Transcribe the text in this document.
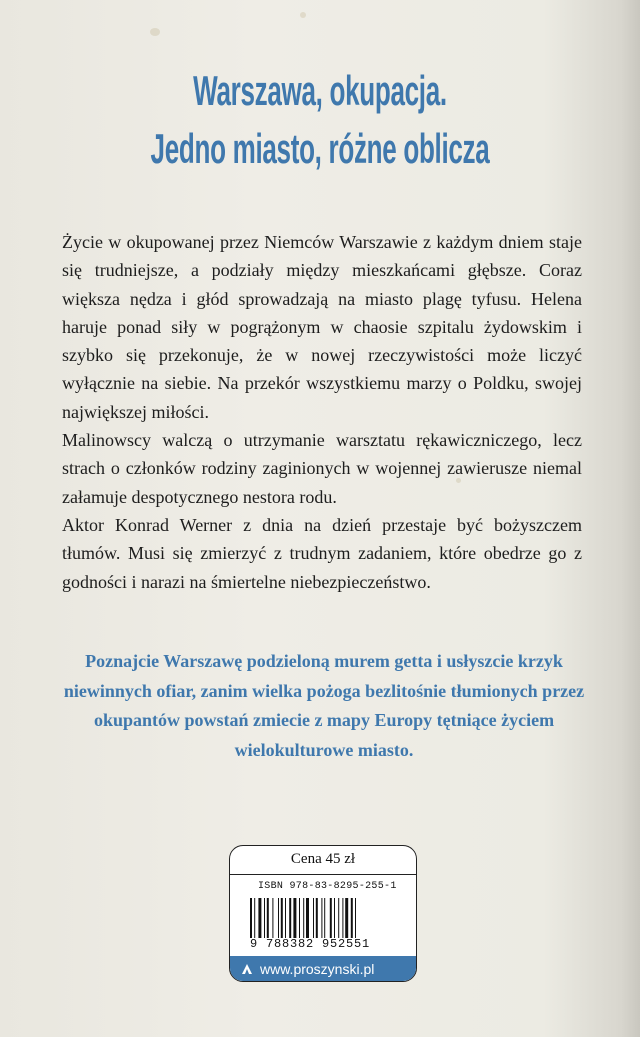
Warszawa, okupacja.
Jedno miasto, różne oblicza

Życie w okupowanej przez Niemców Warszawie z każdym dniem staje się trudniejsze, a podziały między mieszkańcami głębsze. Coraz większa nędza i głód sprowadzają na miasto plagę tyfusu. Helena haruje ponad siły w pogrążonym w chaosie szpitalu żydowskim i szybko się przekonuje, że w nowej rzeczywistości może liczyć wyłącznie na siebie. Na przekór wszystkiemu marzy o Poldku, swojej największej miłości.

Malinowscy walczą o utrzymanie warsztatu rękawiczniczego, lecz strach o członków rodziny zaginionych w wojennej zawierusze niemal załamuje despotycznego nestora rodu.

Aktor Konrad Werner z dnia na dzień przestaje być bożyszczem tłumów. Musi się zmierzyć z trudnym zadaniem, które obedrze go z godności i narazi na śmiertelne niebezpieczeństwo.

Poznajcie Warszawę podzieloną murem getta i usłyszcie krzyk niewinnych ofiar, zanim wielka pożoga bezlitośnie tłumionych przez okupantów powstań zmiecie z mapy Europy tętniące życiem wielokulturowe miasto.
Cena 45 zł
ISBN 978-83-8295-255-1
9 788382 952551
www.proszynski.pl
